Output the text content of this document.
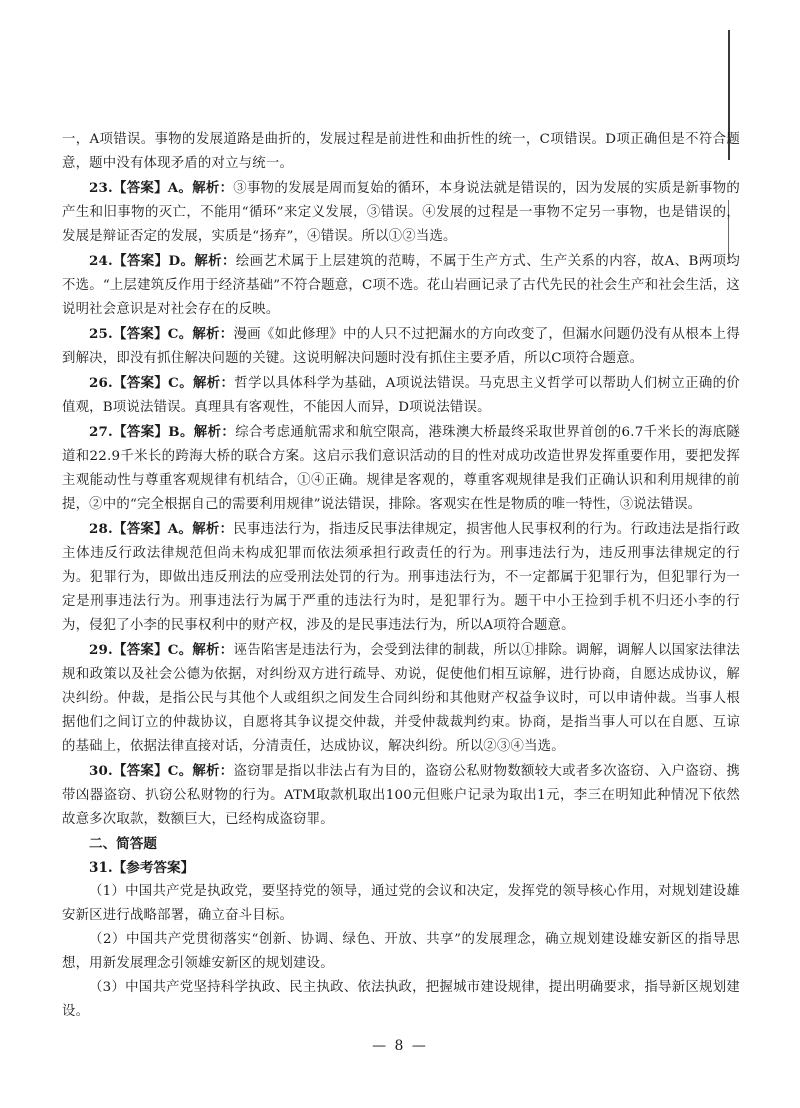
一，A项错误。事物的发展道路是曲折的，发展过程是前进性和曲折性的统一，C项错误。D项正确但是不符合题意，题中没有体现矛盾的对立与统一。

23.【答案】A。解析：③事物的发展是周而复始的循环，本身说法就是错误的，因为发展的实质是新事物的产生和旧事物的灭亡，不能用“循环”来定义发展，③错误。④发展的过程是一事物不定另一事物，也是错误的，发展是辩证否定的发展，实质是“扬弃”，④错误。所以①②当选。

24.【答案】D。解析：绘画艺术属于上层建筑的范畴，不属于生产方式、生产关系的内容，故A、B两项均不选。“上层建筑反作用于经济基础”不符合题意，C项不选。花山岩画记录了古代先民的社会生产和社会生活，这说明社会意识是对社会存在的反映。

25.【答案】C。解析：漫画《如此修理》中的人只不过把漏水的方向改变了，但漏水问题仍没有从根本上得到解决，即没有抓住解决问题的关键。这说明解决问题时没有抓住主要矛盾，所以C项符合题意。

26.【答案】C。解析：哲学以具体科学为基础，A项说法错误。马克思主义哲学可以帮助人们树立正确的价值观，B项说法错误。真理具有客观性，不能因人而异，D项说法错误。

27.【答案】B。解析：综合考虑通航需求和航空限高，港珠澳大桥最终采取世界首创的6.7千米长的海底隧道和22.9千米长的跨海大桥的联合方案。这启示我们意识活动的目的性对成功改造世界发挥重要作用，要把发挥主观能动性与尊重客观规律有机结合，①④正确。规律是客观的，尊重客观规律是我们正确认识和利用规律的前提，②中的“完全根据自己的需要利用规律”说法错误，排除。客观实在性是物质的唯一特性，③说法错误。

28.【答案】A。解析：民事违法行为，指违反民事法律规定，损害他人民事权利的行为。行政违法是指行政主体违反行政法律规范但尚未构成犯罪而依法须承担行政责任的行为。刑事违法行为，违反刑事法律规定的行为。犯罪行为，即做出违反刑法的应受刑法处罚的行为。刑事违法行为，不一定都属于犯罪行为，但犯罪行为一定是刑事违法行为。刑事违法行为属于严重的违法行为时，是犯罪行为。题干中小王捡到手机不归还小李的行为，侵犯了小李的民事权利中的财产权，涉及的是民事违法行为，所以A项符合题意。

29.【答案】C。解析：诬告陷害是违法行为，会受到法律的制裁，所以①排除。调解，调解人以国家法律法规和政策以及社会公德为依据，对纠纷双方进行疏导、劝说，促使他们相互谅解，进行协商，自愿达成协议，解决纠纷。仲裁，是指公民与其他个人或组织之间发生合同纠纷和其他财产权益争议时，可以申请仲裁。当事人根据他们之间订立的仲裁协议，自愿将其争议提交仲裁，并受仲裁裁判约束。协商，是指当事人可以在自愿、互谅的基础上，依据法律直接对话，分清责任，达成协议，解决纠纷。所以②③④当选。

30.【答案】C。解析：盗窃罪是指以非法占有为目的，盗窃公私财物数额较大或者多次盗窃、入户盗窃、携带凶器盗窃、扒窃公私财物的行为。ATM取款机取出100元但账户记录为取出1元，李三在明知此种情况下依然故意多次取款，数额巨大，已经构成盗窃罪。

二、简答题

31.【参考答案】

（1）中国共产党是执政党，要坚持党的领导，通过党的会议和决定，发挥党的领导核心作用，对规划建设雄安新区进行战略部署，确立奋斗目标。

（2）中国共产党贯彻落实“创新、协调、绿色、开放、共享”的发展理念，确立规划建设雄安新区的指导思想，用新发展理念引领雄安新区的规划建设。

（3）中国共产党坚持科学执政、民主执政、依法执政，把握城市建设规律，提出明确要求，指导新区规划建设。

— 8 —
